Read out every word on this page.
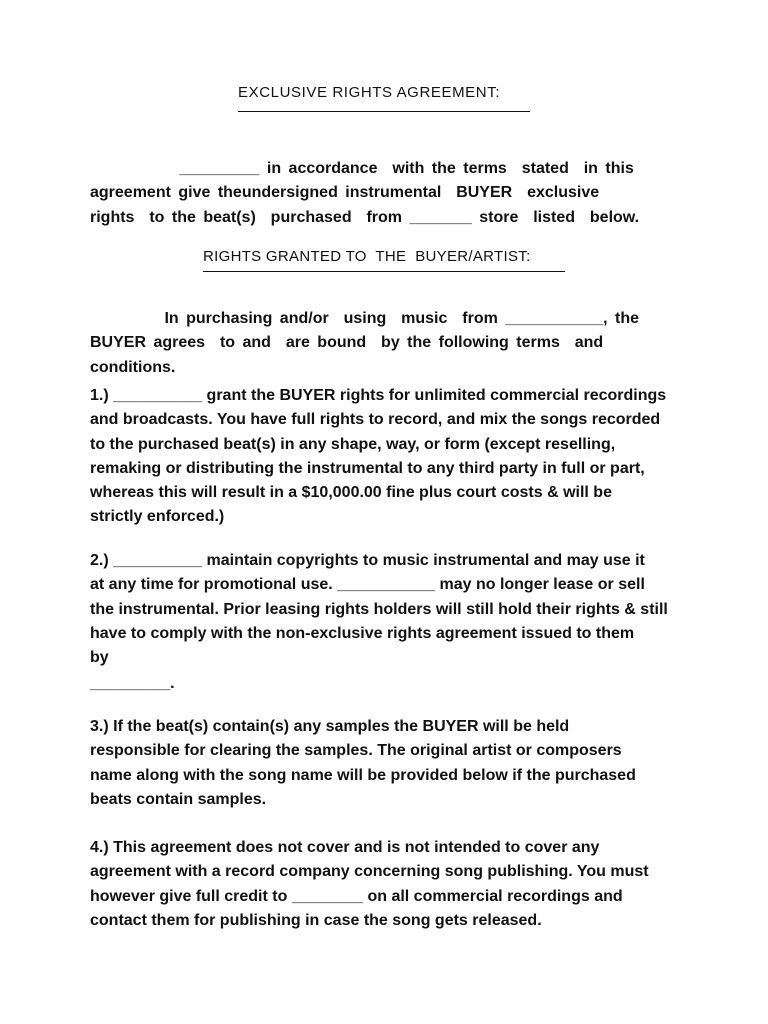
EXCLUSIVE RIGHTS AGREEMENT:

_________ in accordance  with the terms  stated  in this
agreement give theundersigned instrumental  BUYER  exclusive
rights  to the beat(s)  purchased  from _______ store  listed  below.

RIGHTS GRANTED TO  THE  BUYER/ARTIST:

In purchasing and/or  using  music  from ___________, the
BUYER agrees  to and  are bound  by the following terms  and
conditions.

1.) __________ grant the BUYER rights for unlimited commercial recordings
and broadcasts. You have full rights to record, and mix the songs recorded
to the purchased beat(s) in any shape, way, or form (except reselling,
remaking or distributing the instrumental to any third party in full or part,
whereas this will result in a $10,000.00 fine plus court costs & will be
strictly enforced.)

2.) __________ maintain copyrights to music instrumental and may use it
at any time for promotional use. ___________ may no longer lease or sell
the instrumental. Prior leasing rights holders will still hold their rights & still
have to comply with the non-exclusive rights agreement issued to them
by
_________.

3.) If the beat(s) contain(s) any samples the BUYER will be held
responsible for clearing the samples. The original artist or composers
name along with the song name will be provided below if the purchased
beats contain samples.

4.) This agreement does not cover and is not intended to cover any
agreement with a record company concerning song publishing. You must
however give full credit to ________ on all commercial recordings and
contact them for publishing in case the song gets released.
